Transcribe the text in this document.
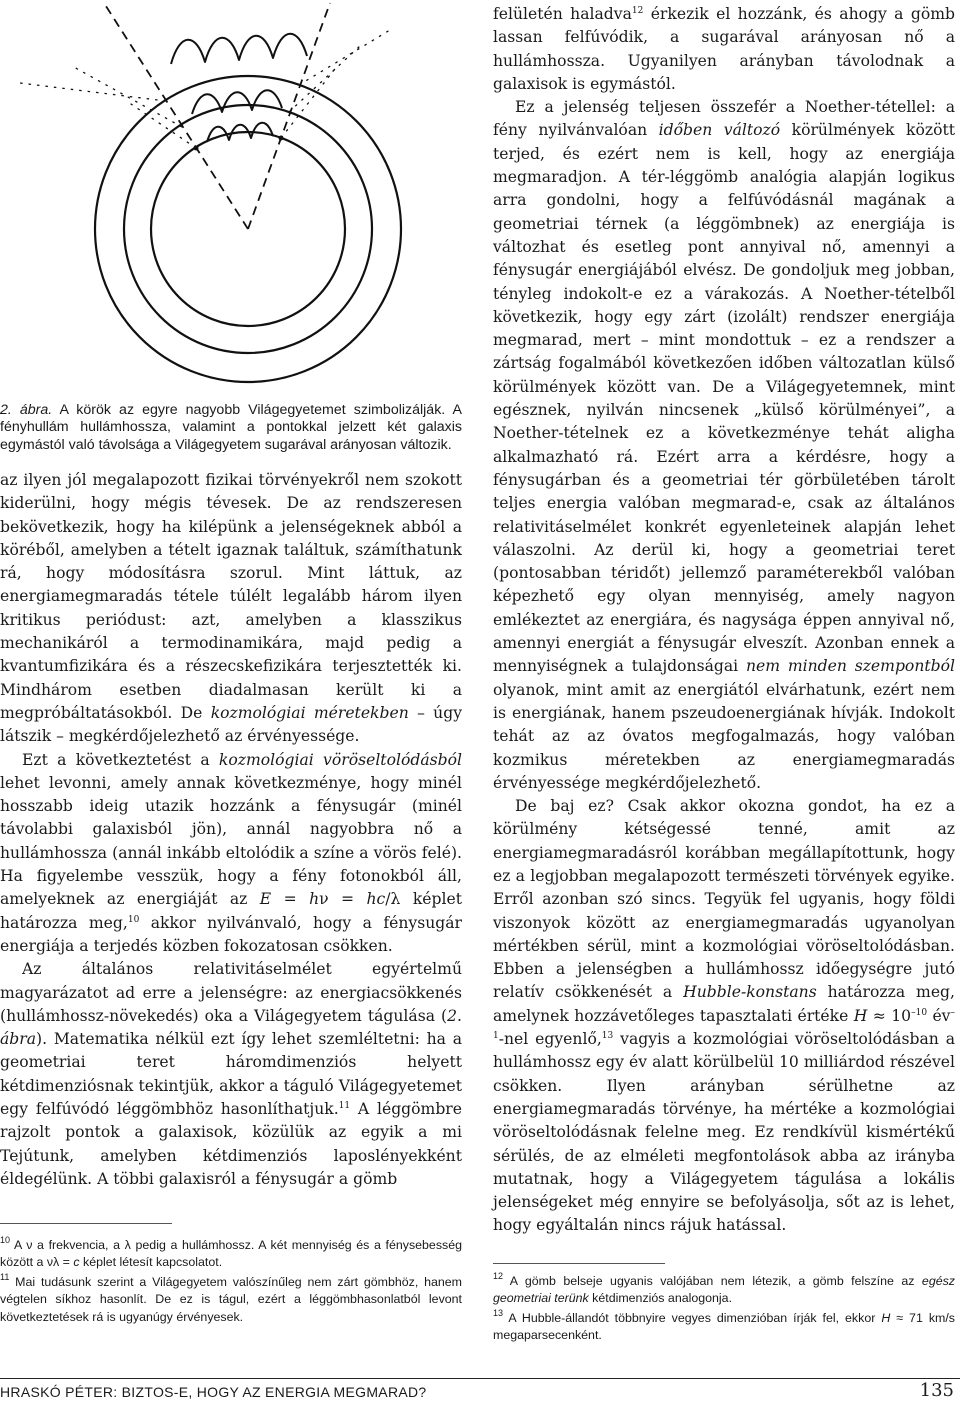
2. ábra. A körök az egyre nagyobb Világegyetemet szimbolizálják. A fényhullám hullámhossza, valamint a pontokkal jelzett két galaxis egymástól való távolsága a Világegyetem sugarával arányosan változik.

az ilyen jól megalapozott fizikai törvényekről nem szokott kiderülni, hogy mégis tévesek. De az rendszeresen bekövetkezik, hogy ha kilépünk a jelenségeknek abból a köréből, amelyben a tételt igaznak találtuk, számíthatunk rá, hogy módosításra szorul. Mint láttuk, az energiamegmaradás tétele túlélt legalább három ilyen kritikus periódust: azt, amelyben a klasszikus mechanikáról a termodinamikára, majd pedig a kvantumfizikára és a részecskefizikára terjesztették ki. Mindhárom esetben diadalmasan került ki a megpróbáltatásokból. De kozmológiai méretekben – úgy látszik – megkérdőjelezhető az érvényessége.

Ezt a következtetést a kozmológiai vöröseltolódásból lehet levonni, amely annak következménye, hogy minél hosszabb ideig utazik hozzánk a fénysugár (minél távolabbi galaxisból jön), annál nagyobbra nő a hullámhossza (annál inkább eltolódik a színe a vörös felé). Ha figyelembe vesszük, hogy a fény fotonokból áll, amelyeknek az energiáját az E = hν = hc/λ képlet határozza meg,$^{10}$ akkor nyilvánvaló, hogy a fénysugár energiája a terjedés közben fokozatosan csökken.

Az általános relativitáselmélet egyértelmű magyarázatot ad erre a jelenségre: az energiacsökkenés (hullámhossz-növekedés) oka a Világegyetem tágulása (2. ábra). Matematika nélkül ezt így lehet szemléltetni: ha a geometriai teret háromdimenziós helyett kétdimenziósnak tekintjük, akkor a táguló Világegyetemet egy felfúvódó léggömbhöz hasonlíthatjuk.$^{11}$ A léggömbre rajzolt pontok a galaxisok, közülük az egyik a mi Tejútunk, amelyben kétdimenziós laposlényekként éldegélünk. A többi galaxisról a fénysugár a gömb

$^{10}$ A ν a frekvencia, a λ pedig a hullámhossz. A két mennyiség és a fénysebesség között a νλ = c képlet létesít kapcsolatot.

$^{11}$ Mai tudásunk szerint a Világegyetem valószínűleg nem zárt gömbhöz, hanem végtelen síkhoz hasonlít. De ez is tágul, ezért a léggömbhasonlatból levont következtetések rá is ugyanúgy érvényesek.

felületén haladva$^{12}$ érkezik el hozzánk, és ahogy a gömb lassan felfúvódik, a sugarával arányosan nő a hullámhossza. Ugyanilyen arányban távolodnak a galaxisok is egymástól.

Ez a jelenség teljesen összefér a Noether-tétellel: a fény nyilvánvalóan időben változó körülmények között terjed, és ezért nem is kell, hogy az energiája megmaradjon. A tér-léggömb analógia alapján logikus arra gondolni, hogy a felfúvódásnál magának a geometriai térnek (a léggömbnek) az energiája is változhat és esetleg pont annyival nő, amennyi a fénysugár energiájából elvész. De gondoljuk meg jobban, tényleg indokolt-e ez a várakozás. A Noether-tételből következik, hogy egy zárt (izolált) rendszer energiája megmarad, mert – mint mondottuk – ez a rendszer a zártság fogalmából következően időben változatlan külső körülmények között van. De a Világegyetemnek, mint egésznek, nyilván nincsenek „külső körülményei”, a Noether-tételnek ez a következménye tehát aligha alkalmazható rá. Ezért arra a kérdésre, hogy a fénysugárban és a geometriai tér görbületében tárolt teljes energia valóban megmarad-e, csak az általános relativitáselmélet konkrét egyenleteinek alapján lehet válaszolni. Az derül ki, hogy a geometriai teret (pontosabban téridőt) jellemző paraméterekből valóban képezhető egy olyan mennyiség, amely nagyon emlékeztet az energiára, és nagysága éppen annyival nő, amennyi energiát a fénysugár elveszít. Azonban ennek a mennyiségnek a tulajdonságai nem minden szempontból olyanok, mint amit az energiától elvárhatunk, ezért nem is energiának, hanem pszeudoenergiának hívják. Indokolt tehát az az óvatos megfogalmazás, hogy valóban kozmikus méretekben az energiamegmaradás érvényessége megkérdőjelezhető.

De baj ez? Csak akkor okozna gondot, ha ez a körülmény kétségessé tenné, amit az energiamegmaradásról korábban megállapítottunk, hogy ez a legjobban megalapozott természeti törvények egyike. Erről azonban szó sincs. Tegyük fel ugyanis, hogy földi viszonyok között az energiamegmaradás ugyanolyan mértékben sérül, mint a kozmológiai vöröseltolódásban. Ebben a jelenségben a hullámhossz időegységre jutó relatív csökkenését a Hubble-konstans határozza meg, amelynek hozzávetőleges tapasztalati értéke $H \approx 10^{-10}$ $év^{-1}$-nel egyenlő,$^{13}$ vagyis a kozmológiai vöröseltolódásban a hullámhossz egy év alatt körülbelül 10 milliárdod részével csökken. Ilyen arányban sérülhetne az energiamegmaradás törvénye, ha mértéke a kozmológiai vöröseltolódásnak felelne meg. Ez rendkívül kismértékű sérülés, de az elméleti megfontolások abba az irányba mutatnak, hogy a Világegyetem tágulása a lokális jelenségeket még ennyire se befolyásolja, sőt az is lehet, hogy egyáltalán nincs rájuk hatással.

$^{12}$ A gömb belseje ugyanis valójában nem létezik, a gömb felszíne az egész geometriai terünk kétdimenziós analogonja.

$^{13}$ A Hubble-állandót többnyire vegyes dimenzióban írják fel, ekkor H ≈ 71 km/s megaparsecenként.

HRASKÓ PÉTER: BIZTOS-E, HOGY AZ ENERGIA MEGMARAD?	135
